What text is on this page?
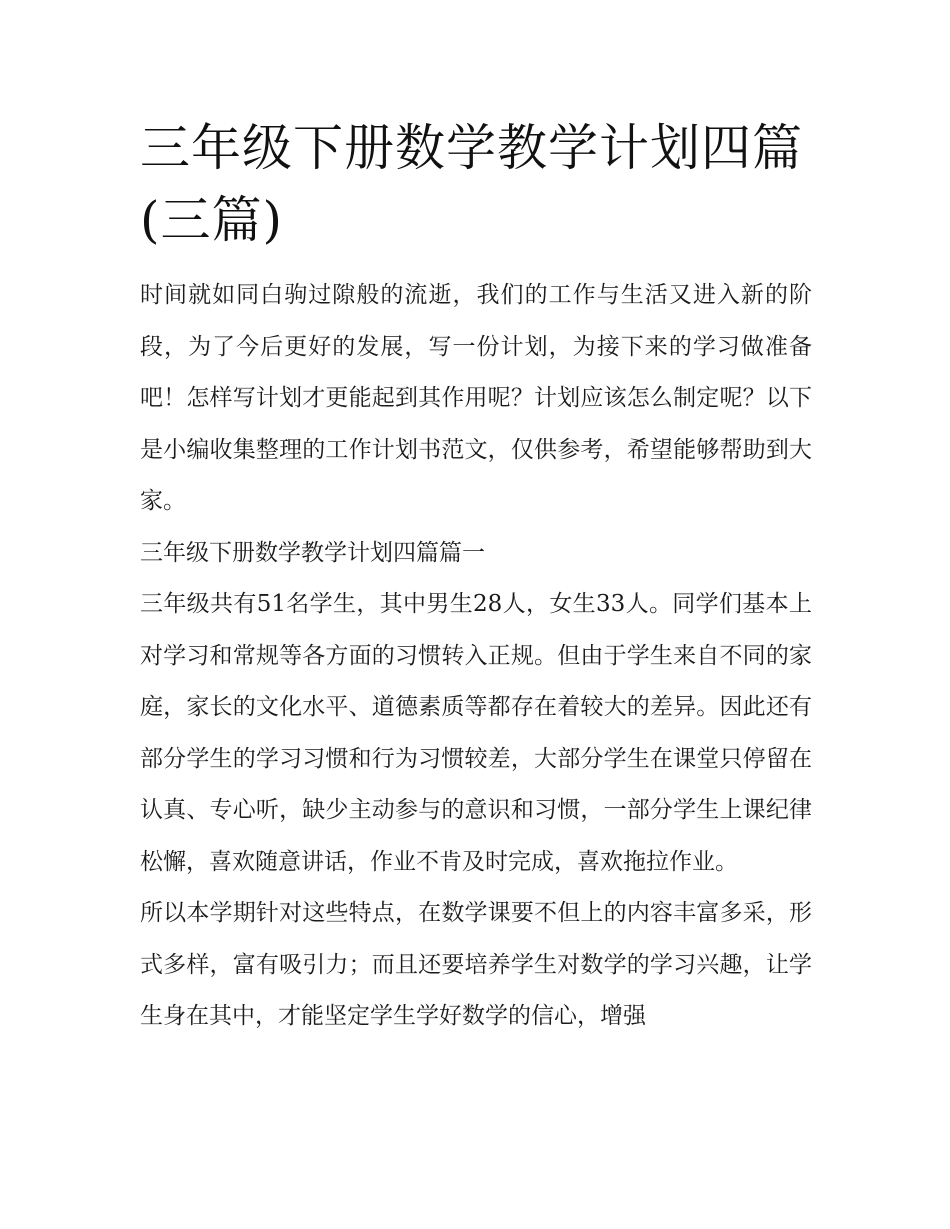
三年级下册数学教学计划四篇(三篇)

时间就如同白驹过隙般的流逝，我们的工作与生活又进入新的阶段，为了今后更好的发展，写一份计划，为接下来的学习做准备吧！怎样写计划才更能起到其作用呢？计划应该怎么制定呢？以下是小编收集整理的工作计划书范文，仅供参考，希望能够帮助到大家。

三年级下册数学教学计划四篇篇一

三年级共有51名学生，其中男生28人，女生33人。同学们基本上对学习和常规等各方面的习惯转入正规。但由于学生来自不同的家庭，家长的文化水平、道德素质等都存在着较大的差异。因此还有部分学生的学习习惯和行为习惯较差，大部分学生在课堂只停留在认真、专心听，缺少主动参与的意识和习惯，一部分学生上课纪律松懈，喜欢随意讲话，作业不肯及时完成，喜欢拖拉作业。

所以本学期针对这些特点，在数学课要不但上的内容丰富多采，形式多样，富有吸引力；而且还要培养学生对数学的学习兴趣，让学生身在其中，才能坚定学生学好数学的信心，增强
